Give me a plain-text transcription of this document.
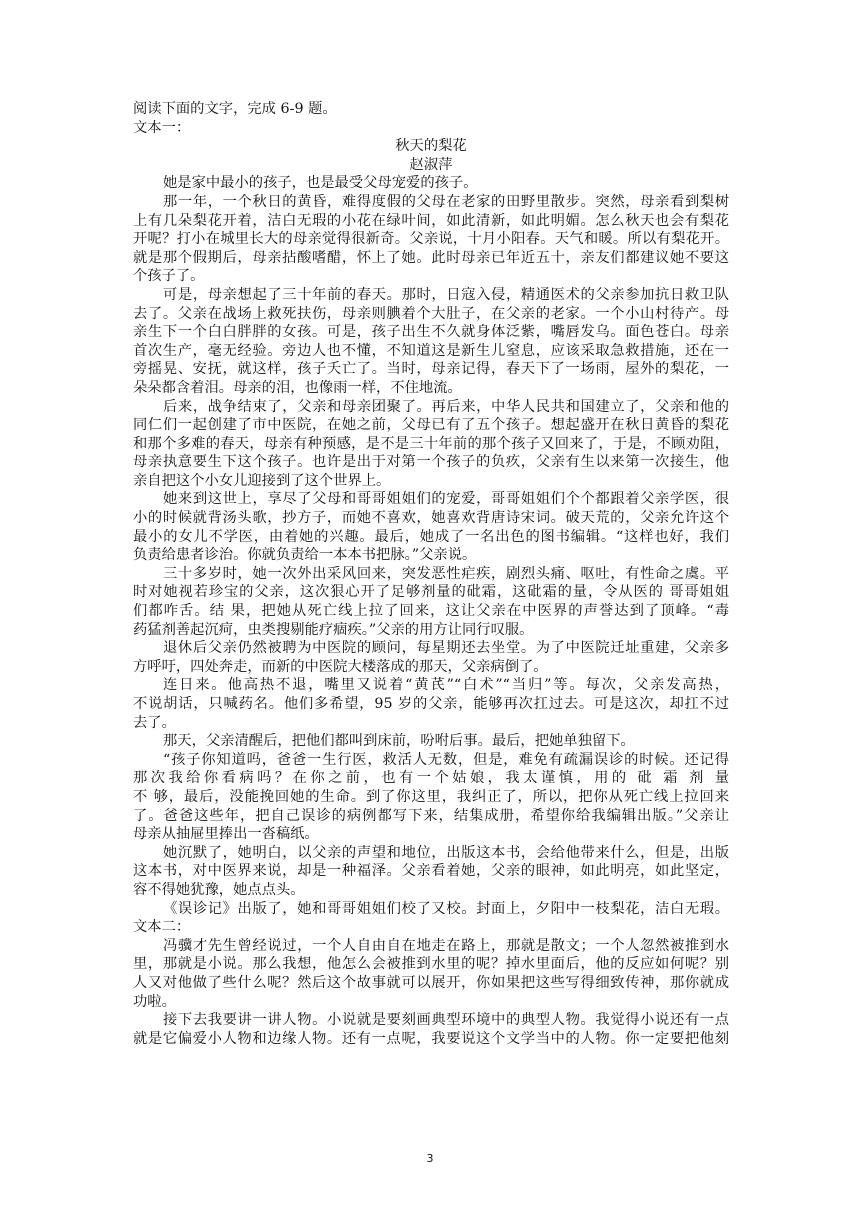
阅读下面的文字，完成 6-9 题。

文本一：

秋天的梨花

赵淑萍

她是家中最小的孩子，也是最受父母宠爱的孩子。

那一年，一个秋日的黄昏，难得度假的父母在老家的田野里散步。突然，母亲看到梨树

上有几朵梨花开着，洁白无瑕的小花在绿叶间，如此清新，如此明媚。怎么秋天也会有梨花

开呢？打小在城里长大的母亲觉得很新奇。父亲说，十月小阳春。天气和暖。所以有梨花开。

就是那个假期后，母亲拈酸嗜醋，怀上了她。此时母亲已年近五十，亲友们都建议她不要这

个孩子了。

可是，母亲想起了三十年前的春天。那时，日寇入侵，精通医术的父亲参加抗日救卫队

去了。父亲在战场上救死扶伤，母亲则腆着个大肚子，在父亲的老家。一个小山村待产。母

亲生下一个白白胖胖的女孩。可是，孩子出生不久就身体泛紫，嘴唇发乌。面色苍白。母亲

首次生产，毫无经验。旁边人也不懂，不知道这是新生儿窒息，应该采取急救措施，还在一

旁摇晃、安抚，就这样，孩子夭亡了。当时，母亲记得，春天下了一场雨，屋外的梨花，一

朵朵都含着泪。母亲的泪，也像雨一样，不住地流。

后来，战争结束了，父亲和母亲团聚了。再后来，中华人民共和国建立了，父亲和他的

同仁们一起创建了市中医院，在她之前，父母已有了五个孩子。想起盛开在秋日黄昏的梨花

和那个多难的春天，母亲有种预感，是不是三十年前的那个孩子又回来了，于是，不顾劝阻，

母亲执意要生下这个孩子。也许是出于对第一个孩子的负疚，父亲有生以来第一次接生，他

亲自把这个小女儿迎接到了这个世界上。

她来到这世上，享尽了父母和哥哥姐姐们的宠爱，哥哥姐姐们个个都跟着父亲学医，很

小的时候就背汤头歌，抄方子，而她不喜欢，她喜欢背唐诗宋词。破天荒的，父亲允许这个

最小的女儿不学医，由着她的兴趣。最后，她成了一名出色的图书编辑。“这样也好，我们

负责给患者诊治。你就负责给一本本书把脉。”父亲说。

三十多岁时，她一次外出采风回来，突发恶性疟疾，剧烈头痛、呕吐，有性命之虞。平

时对她视若珍宝的父亲，这次狠心开了足够剂量的砒霜，这砒霜的量，令从医的 哥哥姐姐

们都咋舌。结 果，把她从死亡线上拉了回来，这让父亲在中医界的声誉达到了顶峰。“毒

药猛剂善起沉疴，虫类搜剔能疗痼疾。”父亲的用方让同行叹服。

退休后父亲仍然被聘为中医院的顾问，每星期还去坐堂。为了中医院迁址重建，父亲多

方呼吁，四处奔走，而新的中医院大楼落成的那天，父亲病倒了。

连日来。他高热不退，嘴里又说着“黄芪”“白术”“当归”等。每次，父亲发高热，

不说胡话，只喊药名。他们多希望，95 岁的父亲，能够再次扛过去。可是这次，却扛不过

去了。

那天，父亲清醒后，把他们都叫到床前，吩咐后事。最后，把她单独留下。

“孩子你知道吗，爸爸一生行医，救活人无数，但是，难免有疏漏误诊的时候。还记得

那次我给你看病吗？在你之前，也有一个姑娘，我太谨慎，用的 砒 霜 剂 量

不 够，最后，没能挽回她的生命。到了你这里，我纠正了，所以，把你从死亡线上拉回来

了。爸爸这些年，把自己误诊的病例都写下来，结集成册，希望你给我编辑出版。”父亲让

母亲从抽屉里捧出一沓稿纸。

她沉默了，她明白，以父亲的声望和地位，出版这本书，会给他带来什么，但是，出版

这本书，对中医界来说，却是一种福泽。父亲看着她，父亲的眼神，如此明亮，如此坚定，

容不得她犹豫，她点点头。

《误诊记》出版了，她和哥哥姐姐们校了又校。封面上，夕阳中一枝梨花，洁白无瑕。

文本二：

冯骥才先生曾经说过，一个人自由自在地走在路上，那就是散文；一个人忽然被推到水

里，那就是小说。那么我想，他怎么会被推到水里的呢？掉水里面后，他的反应如何呢？别

人又对他做了些什么呢？然后这个故事就可以展开，你如果把这些写得细致传神，那你就成

功啦。

接下去我要讲一讲人物。小说就是要刻画典型环境中的典型人物。我觉得小说还有一点

就是它偏爱小人物和边缘人物。还有一点呢，我要说这个文学当中的人物。你一定要把他刻

3
